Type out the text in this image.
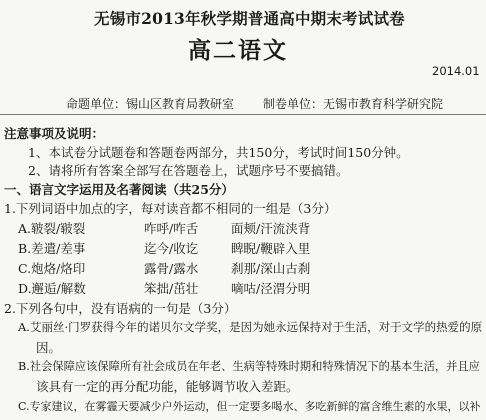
无锡市2013年秋学期普通高中期末考试试卷
高二语文
2014.01
命题单位：锡山区教育局教研室 制卷单位：无锡市教育科学研究院
注意事项及说明：
1、本试卷分试题卷和答题卷两部分，共150分，考试时间150分钟。
2、请将所有答案全部写在答题卷上，试题序号不要搞错。
一、语言文字运用及名著阅读（共25分）
1.下列词语中加点的字，每对读音都不相同的一组是（3分）
A.皲裂/皲裂	咋呼/咋舌	面颊/汗流浃背
B.差遣/差事	迄今/收讫	睥睨/鞭辟入里
C.炮烙/烙印	露骨/露水	刹那/深山古刹
D.邂逅/解数	笨拙/茁壮	嘀咕/泾渭分明
2.下列各句中，没有语病的一句是（3分）
A.艾丽丝·门罗获得今年的诺贝尔文学奖，是因为她永远保持对于生活，对于文学的热爱的原
因。
B.社会保障应该保障所有社会成员在年老、生病等特殊时期和特殊情况下的基本生活，并且应
该具有一定的再分配功能，能够调节收入差距。
C.专家建议，在雾霾天要减少户外运动，但一定要多喝水、多吃新鲜的富含维生素的水果，以补
